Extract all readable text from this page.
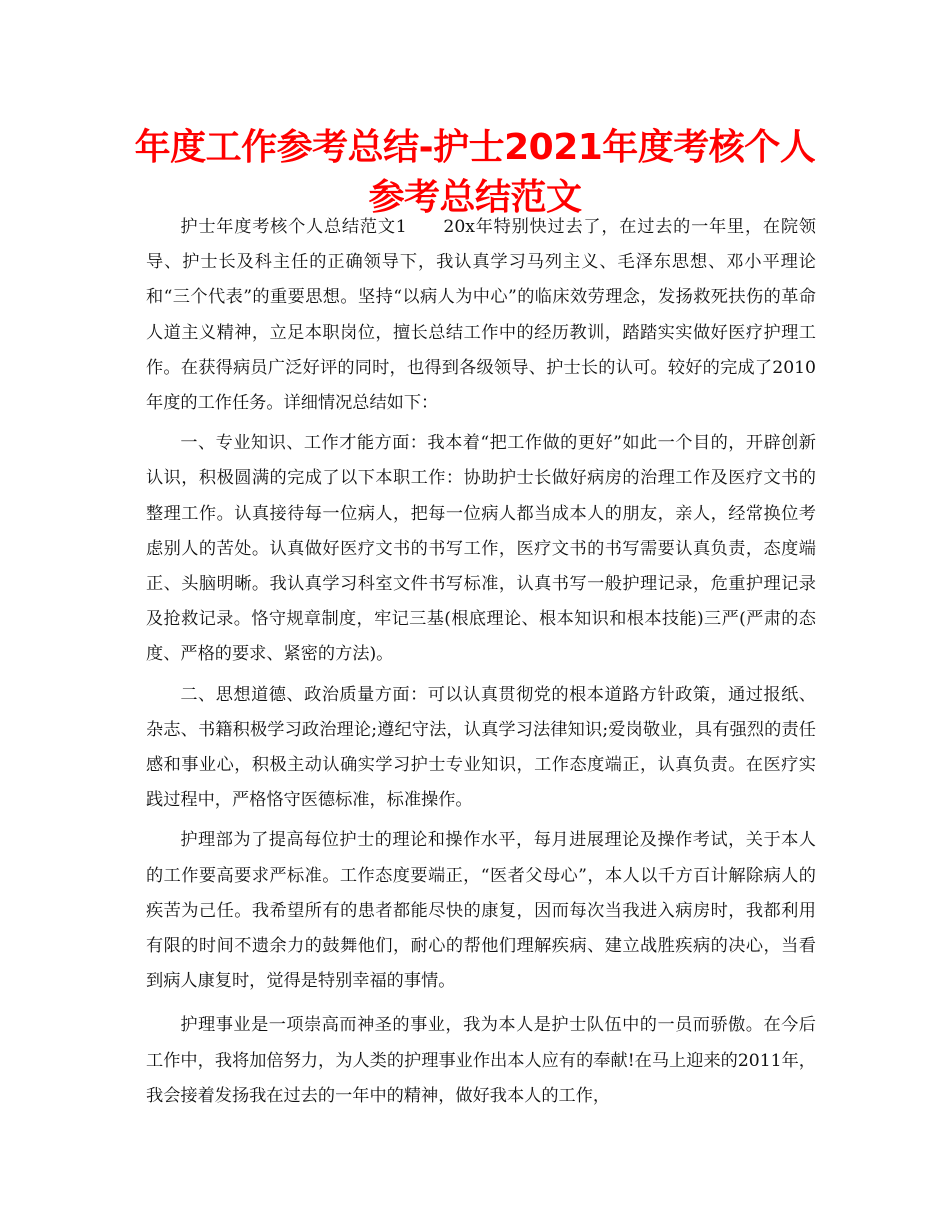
年度工作参考总结-护士2021年度考核个人参考总结范文

护士年度考核个人总结范文1　　20x年特别快过去了，在过去的一年里，在院领导、护士长及科主任的正确领导下，我认真学习马列主义、毛泽东思想、邓小平理论和“三个代表”的重要思想。坚持“以病人为中心”的临床效劳理念，发扬救死扶伤的革命人道主义精神，立足本职岗位，擅长总结工作中的经历教训，踏踏实实做好医疗护理工作。在获得病员广泛好评的同时，也得到各级领导、护士长的认可。较好的完成了2010年度的工作任务。详细情况总结如下：

一、专业知识、工作才能方面：我本着“把工作做的更好”如此一个目的，开辟创新认识，积极圆满的完成了以下本职工作：协助护士长做好病房的治理工作及医疗文书的整理工作。认真接待每一位病人，把每一位病人都当成本人的朋友，亲人，经常换位考虑别人的苦处。认真做好医疗文书的书写工作，医疗文书的书写需要认真负责，态度端正、头脑明晰。我认真学习科室文件书写标准，认真书写一般护理记录，危重护理记录及抢救记录。恪守规章制度，牢记三基(根底理论、根本知识和根本技能)三严(严肃的态度、严格的要求、紧密的方法)。

二、思想道德、政治质量方面：可以认真贯彻党的根本道路方针政策，通过报纸、杂志、书籍积极学习政治理论;遵纪守法，认真学习法律知识;爱岗敬业，具有强烈的责任感和事业心，积极主动认确实学习护士专业知识，工作态度端正，认真负责。在医疗实践过程中，严格恪守医德标准，标准操作。

护理部为了提高每位护士的理论和操作水平，每月进展理论及操作考试，关于本人的工作要高要求严标准。工作态度要端正，“医者父母心”，本人以千方百计解除病人的疾苦为己任。我希望所有的患者都能尽快的康复，因而每次当我进入病房时，我都利用有限的时间不遗余力的鼓舞他们，耐心的帮他们理解疾病、建立战胜疾病的决心，当看到病人康复时，觉得是特别幸福的事情。

护理事业是一项崇高而神圣的事业，我为本人是护士队伍中的一员而骄傲。在今后工作中，我将加倍努力，为人类的护理事业作出本人应有的奉献!在马上迎来的2011年，我会接着发扬我在过去的一年中的精神，做好我本人的工作，
